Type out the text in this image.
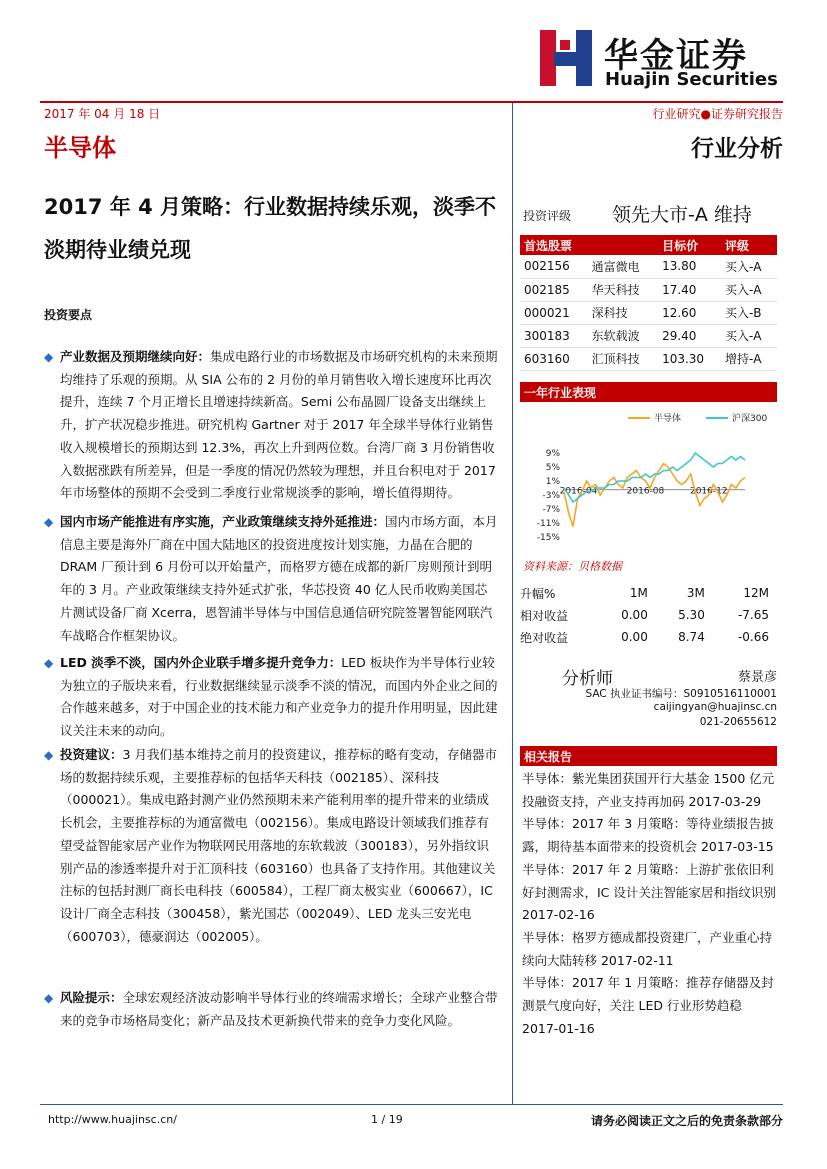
华金证券
Huajin Securities
2017 年 04 月 18 日	行业研究●证券研究报告
半导体	行业分析
2017 年 4 月策略：行业数据持续乐观，淡季不
淡期待业绩兑现
投资要点
◆ 产业数据及预期继续向好：集成电路行业的市场数据及市场研究机构的未来预期均维持了乐观的预期。从 SIA 公布的 2 月份的单月销售收入增长速度环比再次提升，连续 7 个月正增长且增速持续新高。Semi 公布晶圆厂设备支出继续上升，扩产状况稳步推进。研究机构 Gartner 对于 2017 年全球半导体行业销售收入规模增长的预期达到 12.3%，再次上升到两位数。台湾厂商 3 月份销售收入数据涨跌有所差异，但是一季度的情况仍然较为理想，并且台积电对于 2017 年市场整体的预期不会受到二季度行业常规淡季的影响，增长值得期待。
◆ 国内市场产能推进有序实施，产业政策继续支持外延推进：国内市场方面，本月信息主要是海外厂商在中国大陆地区的投资进度按计划实施，力晶在合肥的 DRAM 厂预计到 6 月份可以开始量产，而格罗方德在成都的新厂房则预计到明年的 3 月。产业政策继续支持外延式扩张，华芯投资 40 亿人民币收购美国芯片测试设备厂商 Xcerra，恩智浦半导体与中国信息通信研究院签署智能网联汽车战略合作框架协议。
◆ LED 淡季不淡，国内外企业联手增多提升竞争力：LED 板块作为半导体行业较为独立的子版块来看，行业数据继续显示淡季不淡的情况，而国内外企业之间的合作越来越多，对于中国企业的技术能力和产业竞争力的提升作用明显，因此建议关注未来的动向。
◆ 投资建议：3 月我们基本维持之前月的投资建议，推荐标的略有变动，存储器市场的数据持续乐观，主要推荐标的包括华天科技（002185）、深科技（000021）。集成电路封测产业仍然预期未来产能利用率的提升带来的业绩成长机会，主要推荐标的为通富微电（002156）。集成电路设计领域我们推荐有望受益智能家居产业作为物联网民用落地的东软载波（300183），另外指纹识别产品的渗透率提升对于汇顶科技（603160）也具备了支持作用。其他建议关注标的包括封测厂商长电科技（600584），工程厂商太极实业（600667），IC 设计厂商全志科技（300458），紫光国芯（002049）、LED 龙头三安光电（600703），德豪润达（002005）。
◆ 风险提示：全球宏观经济波动影响半导体行业的终端需求增长；全球产业整合带来的竞争市场格局变化；新产品及技术更新换代带来的竞争力变化风险。
投资评级 领先大市-A 维持
首选股票		目标价	评级
002156	通富微电	13.80	买入-A
002185	华天科技	17.40	买入-A
000021	深科技	12.60	买入-B
300183	东软载波	29.40	买入-A
603160	汇顶科技	103.30	增持-A
一年行业表现
9%
5%
1%
-3%
-7%
-11%
-15%
2016-04	2016-08	2016-12
半导体	沪深300
资料来源：贝格数据
升幅%	1M	3M	12M
相对收益	0.00	5.30	-7.65
绝对收益	0.00	8.74	-0.66
分析师	蔡景彦
SAC 执业证书编号：S0910516110001
caijingyan@huajinsc.cn
021-20655612
相关报告
半导体：紫光集团获国开行大基金 1500 亿元投融资支持，产业支持再加码 2017-03-29
半导体：2017 年 3 月策略：等待业绩报告披露，期待基本面带来的投资机会 2017-03-15
半导体：2017 年 2 月策略：上游扩张依旧利好封测需求，IC 设计关注智能家居和指纹识别 2017-02-16
半导体：格罗方德成都投资建厂，产业重心持续向大陆转移 2017-02-11
半导体：2017 年 1 月策略：推荐存储器及封测景气度向好，关注 LED 行业形势趋稳 2017-01-16
http://www.huajinsc.cn/	1 / 19	请务必阅读正文之后的免责条款部分
